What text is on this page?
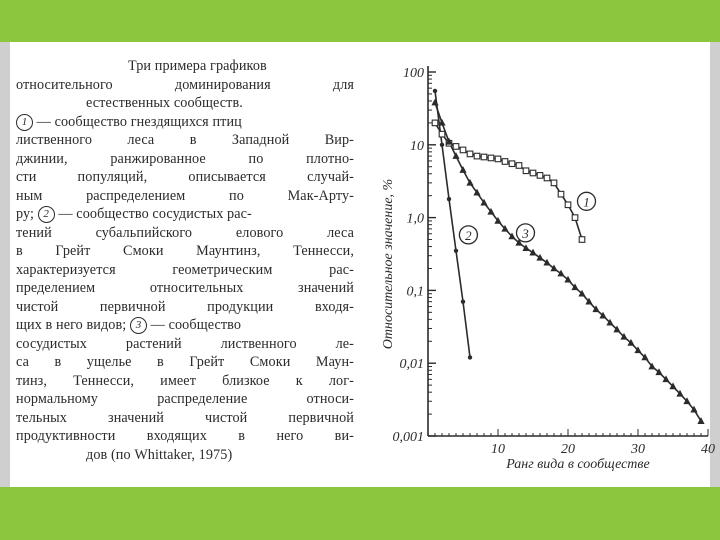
Три примера графиков
относительного доминирования для
естественных сообществ.
1 — сообщество гнездящихся птиц
лиственного леса в Западной Вир-
джинии, ранжированное по плотно-
сти популяций, описывается случай-
ным распределением по Мак-Арту-
ру; 2 — сообщество сосудистых рас-
тений субальпийского елового леса
в Грейт Смоки Маунтинз, Теннесси,
характеризуется геометрическим рас-
пределением относительных значений
чистой первичной продукции входя-
щих в него видов; 3 — сообщество
сосудистых растений лиственного ле-
са в ущелье в Грейт Смоки Маун-
тинз, Теннесси, имеет близкое к лог-
нормальному распределение относи-
тельных значений чистой первичной
продуктивности входящих в него ви-
дов (по Whittaker, 1975)
100
10
1,0
0,1
0,01
0,001
10	20	30	40
Ранг вида в сообществе
Относительное значение, %	1
2	3
